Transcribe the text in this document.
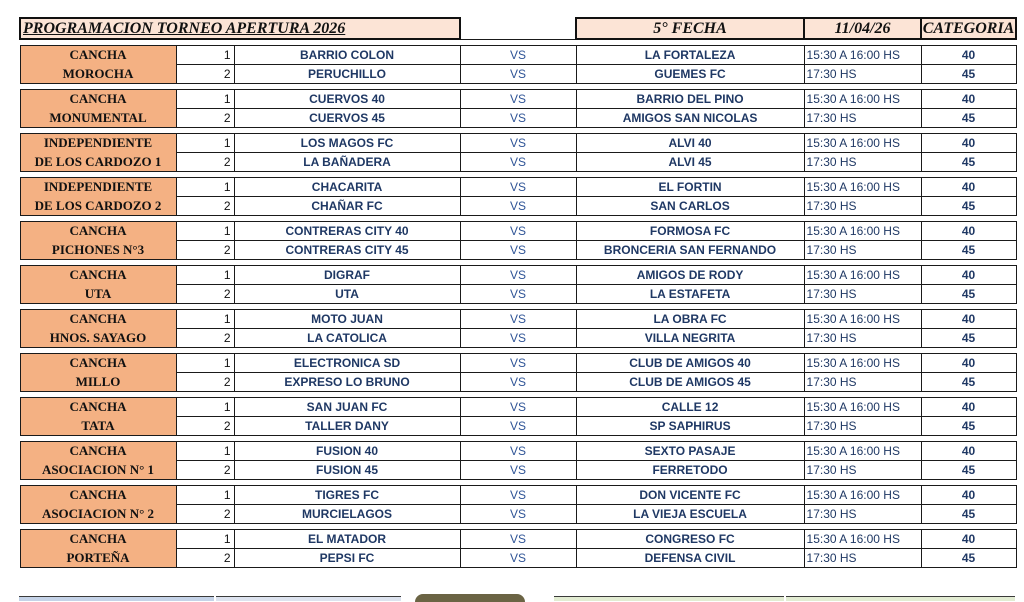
PROGRAMACION TORNEO APERTURA 2026				5° FECHA	11/04/26	CATEGORIA

CANCHA	1	BARRIO COLON	VS	LA FORTALEZA	15:30 A 16:00 HS	40
MOROCHA	2	PERUCHILLO	VS	GUEMES FC	17:30 HS	45

CANCHA	1	CUERVOS 40	VS	BARRIO DEL PINO	15:30 A 16:00 HS	40
MONUMENTAL	2	CUERVOS 45	VS	AMIGOS SAN NICOLAS	17:30 HS	45

INDEPENDIENTE	1	LOS MAGOS FC	VS	ALVI 40	15:30 A 16:00 HS	40
DE LOS CARDOZO 1	2	LA BAÑADERA	VS	ALVI 45	17:30 HS	45

INDEPENDIENTE	1	CHACARITA	VS	EL FORTIN	15:30 A 16:00 HS	40
DE LOS CARDOZO 2	2	CHAÑAR FC	VS	SAN CARLOS	17:30 HS	45

CANCHA	1	CONTRERAS CITY 40	VS	FORMOSA FC	15:30 A 16:00 HS	40
PICHONES N°3	2	CONTRERAS CITY 45	VS	BRONCERIA SAN FERNANDO	17:30 HS	45

CANCHA	1	DIGRAF	VS	AMIGOS DE RODY	15:30 A 16:00 HS	40
UTA	2	UTA	VS	LA ESTAFETA	17:30 HS	45

CANCHA	1	MOTO JUAN	VS	LA OBRA FC	15:30 A 16:00 HS	40
HNOS. SAYAGO	2	LA CATOLICA	VS	VILLA NEGRITA	17:30 HS	45

CANCHA	1	ELECTRONICA SD	VS	CLUB DE AMIGOS 40	15:30 A 16:00 HS	40
MILLO	2	EXPRESO LO BRUNO	VS	CLUB DE AMIGOS 45	17:30 HS	45

CANCHA	1	SAN JUAN FC	VS	CALLE 12	15:30 A 16:00 HS	40
TATA	2	TALLER DANY	VS	SP SAPHIRUS	17:30 HS	45

CANCHA	1	FUSION 40	VS	SEXTO PASAJE	15:30 A 16:00 HS	40
ASOCIACION N° 1	2	FUSION 45	VS	FERRETODO	17:30 HS	45

CANCHA	1	TIGRES FC	VS	DON VICENTE FC	15:30 A 16:00 HS	40
ASOCIACION N° 2	2	MURCIELAGOS	VS	LA VIEJA ESCUELA	17:30 HS	45

CANCHA	1	EL MATADOR	VS	CONGRESO FC	15:30 A 16:00 HS	40
PORTEÑA	2	PEPSI FC	VS	DEFENSA CIVIL	17:30 HS	45
